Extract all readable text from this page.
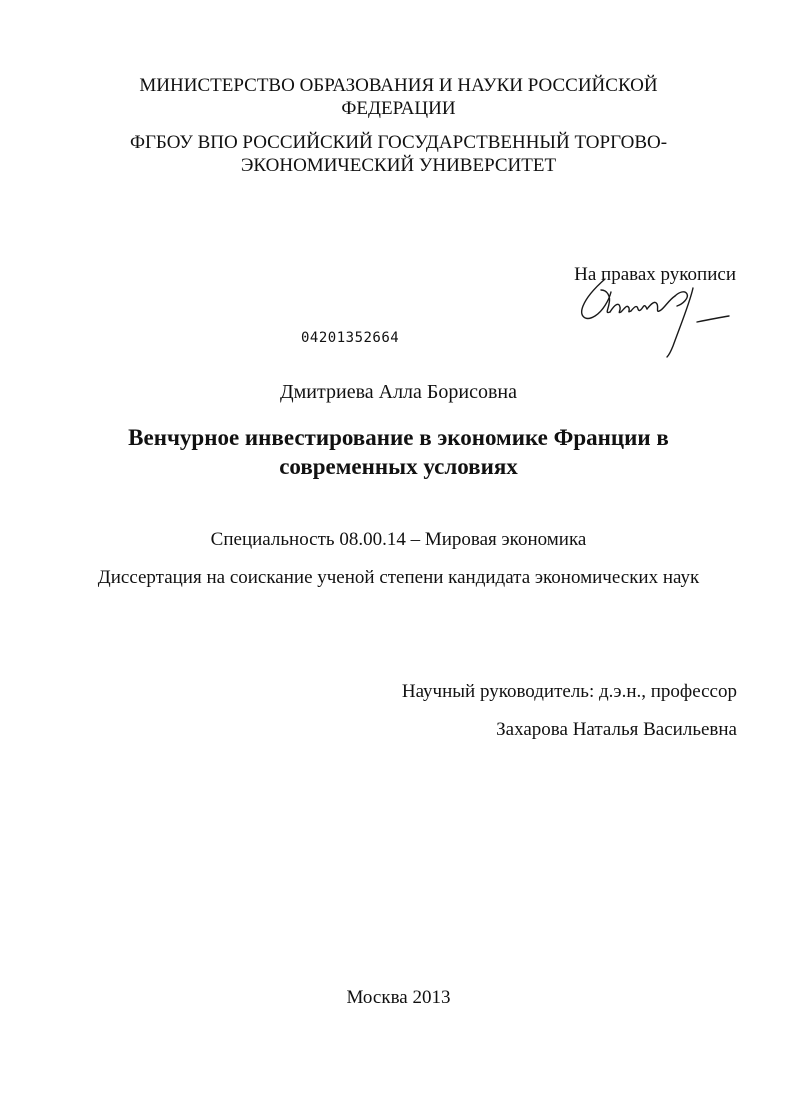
МИНИСТЕРСТВО ОБРАЗОВАНИЯ И НАУКИ РОССИЙСКОЙ
ФЕДЕРАЦИИ
ФГБОУ ВПО РОССИЙСКИЙ ГОСУДАРСТВЕННЫЙ ТОРГОВО-
ЭКОНОМИЧЕСКИЙ УНИВЕРСИТЕТ
На правах рукописи
04201352664
Дмитриева Алла Борисовна
Венчурное инвестирование в экономике Франции в
современных условиях
Специальность 08.00.14 – Мировая экономика
Диссертация на соискание ученой степени кандидата экономических наук
Научный руководитель: д.э.н., профессор
Захарова Наталья Васильевна
Москва 2013
